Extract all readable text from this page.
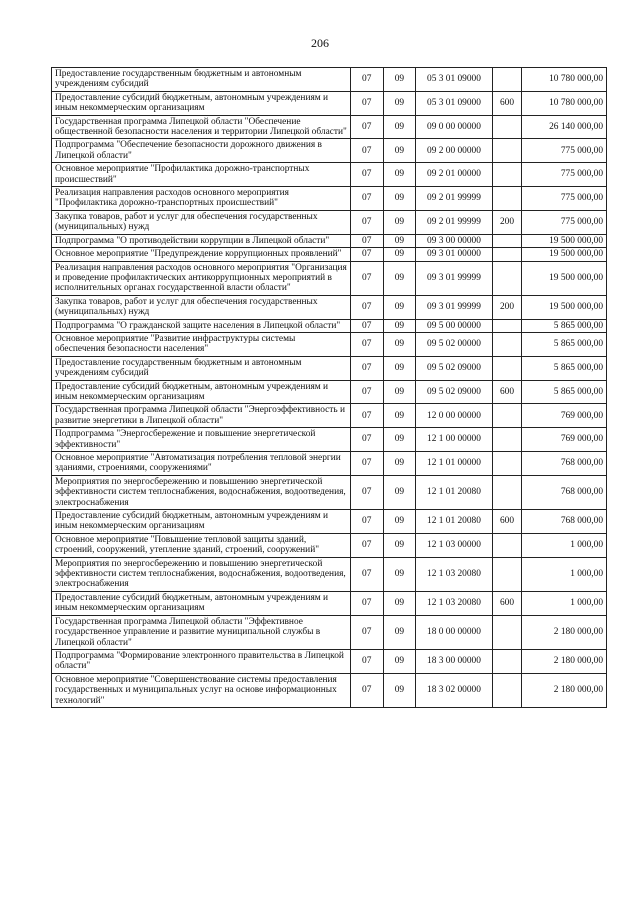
206
Предоставление государственным бюджетным и автономным учреждениям субсидий	07	09	05 3 01 09000		10 780 000,00
Предоставление субсидий бюджетным, автономным учреждениям и иным некоммерческим организациям	07	09	05 3 01 09000	600	10 780 000,00
Государственная программа Липецкой области "Обеспечение общественной безопасности населения и территории Липецкой области"	07	09	09 0 00 00000		26 140 000,00
Подпрограмма "Обеспечение безопасности дорожного движения в Липецкой области"	07	09	09 2 00 00000		775 000,00
Основное мероприятие "Профилактика дорожно-транспортных происшествий"	07	09	09 2 01 00000		775 000,00
Реализация направления расходов основного мероприятия "Профилактика дорожно-транспортных происшествий"	07	09	09 2 01 99999		775 000,00
Закупка товаров, работ и услуг для обеспечения государственных (муниципальных) нужд	07	09	09 2 01 99999	200	775 000,00
Подпрограмма "О противодействии коррупции в Липецкой области"	07	09	09 3 00 00000		19 500 000,00
Основное мероприятие "Предупреждение коррупционных проявлений"	07	09	09 3 01 00000		19 500 000,00
Реализация направления расходов основного мероприятия "Организация и проведение профилактических антикоррупционных мероприятий в исполнительных органах государственной власти области"	07	09	09 3 01 99999		19 500 000,00
Закупка товаров, работ и услуг для обеспечения государственных (муниципальных) нужд	07	09	09 3 01 99999	200	19 500 000,00
Подпрограмма "О гражданской защите населения в Липецкой области"	07	09	09 5 00 00000		5 865 000,00
Основное мероприятие "Развитие инфраструктуры системы обеспечения безопасности населения"	07	09	09 5 02 00000		5 865 000,00
Предоставление государственным бюджетным и автономным учреждениям субсидий	07	09	09 5 02 09000		5 865 000,00
Предоставление субсидий бюджетным, автономным учреждениям и иным некоммерческим организациям	07	09	09 5 02 09000	600	5 865 000,00
Государственная программа Липецкой области "Энергоэффективность и развитие энергетики в Липецкой области"	07	09	12 0 00 00000		769 000,00
Подпрограмма "Энергосбережение и повышение энергетической эффективности"	07	09	12 1 00 00000		769 000,00
Основное мероприятие "Автоматизация потребления тепловой энергии зданиями, строениями, сооружениями"	07	09	12 1 01 00000		768 000,00
Мероприятия по энергосбережению и повышению энергетической эффективности систем теплоснабжения, водоснабжения, водоотведения, электроснабжения	07	09	12 1 01 20080		768 000,00
Предоставление субсидий бюджетным, автономным учреждениям и иным некоммерческим организациям	07	09	12 1 01 20080	600	768 000,00
Основное мероприятие "Повышение тепловой защиты зданий, строений, сооружений, утепление зданий, строений, сооружений"	07	09	12 1 03 00000		1 000,00
Мероприятия по энергосбережению и повышению энергетической эффективности систем теплоснабжения, водоснабжения, водоотведения, электроснабжения	07	09	12 1 03 20080		1 000,00
Предоставление субсидий бюджетным, автономным учреждениям и иным некоммерческим организациям	07	09	12 1 03 20080	600	1 000,00
Государственная программа Липецкой области "Эффективное государственное управление и развитие муниципальной службы в Липецкой области"	07	09	18 0 00 00000		2 180 000,00
Подпрограмма "Формирование электронного правительства в Липецкой области"	07	09	18 3 00 00000		2 180 000,00
Основное мероприятие "Совершенствование системы предоставления государственных и муниципальных услуг на основе информационных технологий"	07	09	18 3 02 00000		2 180 000,00
